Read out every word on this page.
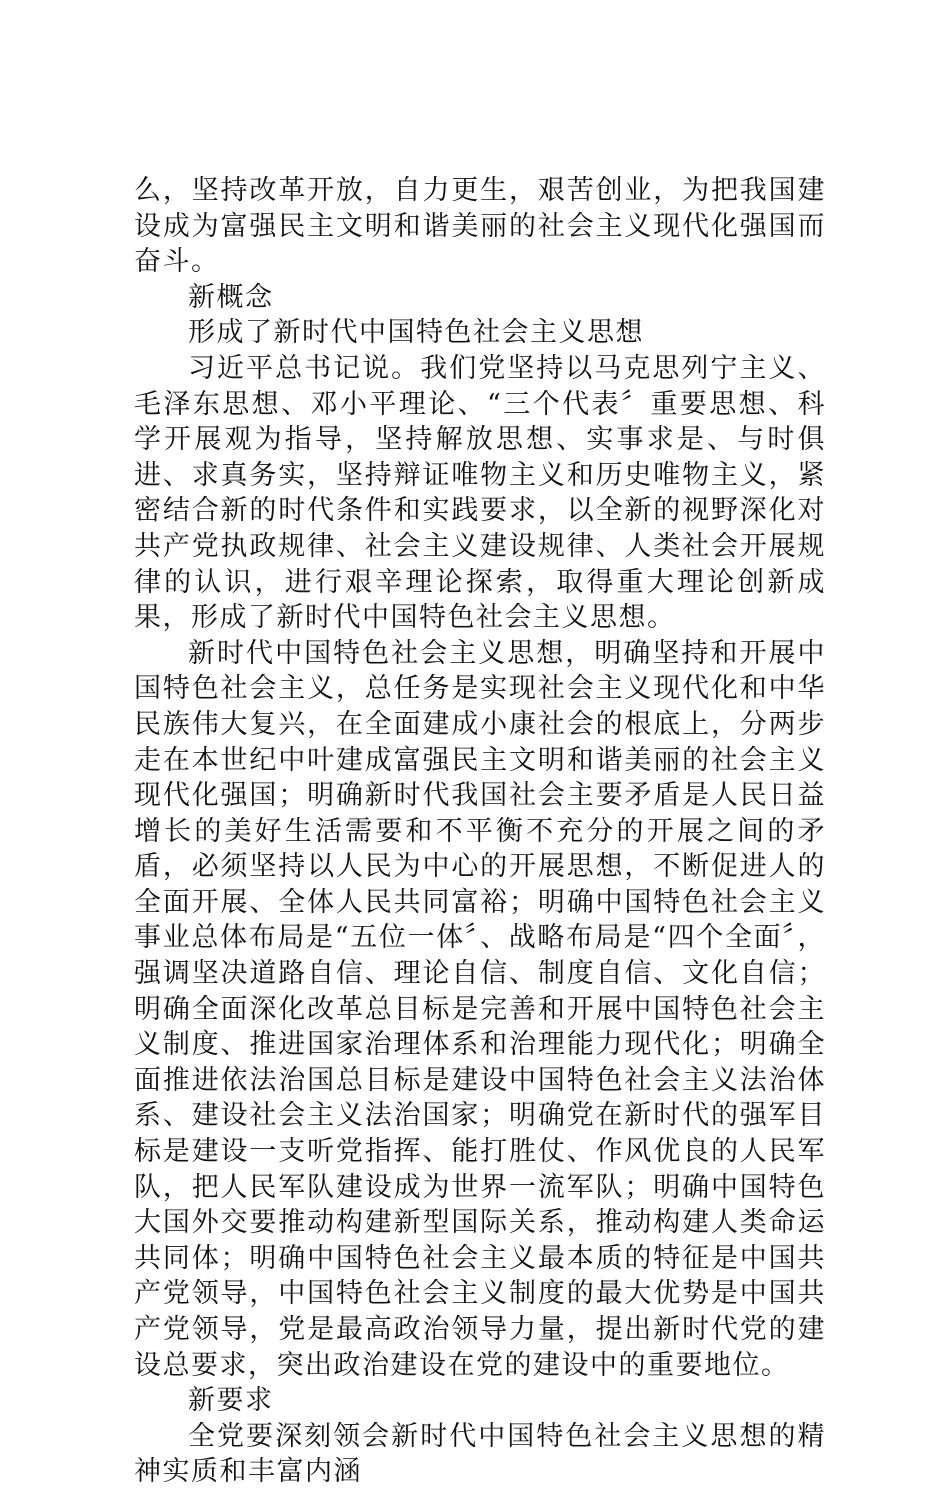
么，坚持改革开放，自力更生，艰苦创业，为把我国建设成为富强民主文明和谐美丽的社会主义现代化强国而奋斗。

新概念
形成了新时代中国特色社会主义思想

习近平总书记说。我们党坚持以马克思列宁主义、毛泽东思想、邓小平理论、“三个代表〞重要思想、科学开展观为指导，坚持解放思想、实事求是、与时俱进、求真务实，坚持辩证唯物主义和历史唯物主义，紧密结合新的时代条件和实践要求，以全新的视野深化对共产党执政规律、社会主义建设规律、人类社会开展规律的认识，进行艰辛理论探索，取得重大理论创新成果，形成了新时代中国特色社会主义思想。

新时代中国特色社会主义思想，明确坚持和开展中国特色社会主义，总任务是实现社会主义现代化和中华民族伟大复兴，在全面建成小康社会的根底上，分两步走在本世纪中叶建成富强民主文明和谐美丽的社会主义现代化强国；明确新时代我国社会主要矛盾是人民日益增长的美好生活需要和不平衡不充分的开展之间的矛盾，必须坚持以人民为中心的开展思想，不断促进人的全面开展、全体人民共同富裕；明确中国特色社会主义事业总体布局是“五位一体〞、战略布局是“四个全面〞，强调坚决道路自信、理论自信、制度自信、文化自信；明确全面深化改革总目标是完善和开展中国特色社会主义制度、推进国家治理体系和治理能力现代化；明确全面推进依法治国总目标是建设中国特色社会主义法治体系、建设社会主义法治国家；明确党在新时代的强军目标是建设一支听党指挥、能打胜仗、作风优良的人民军队，把人民军队建设成为世界一流军队；明确中国特色大国外交要推动构建新型国际关系，推动构建人类命运共同体；明确中国特色社会主义最本质的特征是中国共产党领导，中国特色社会主义制度的最大优势是中国共产党领导，党是最高政治领导力量，提出新时代党的建设总要求，突出政治建设在党的建设中的重要地位。

新要求

全党要深刻领会新时代中国特色社会主义思想的精神实质和丰富内涵
